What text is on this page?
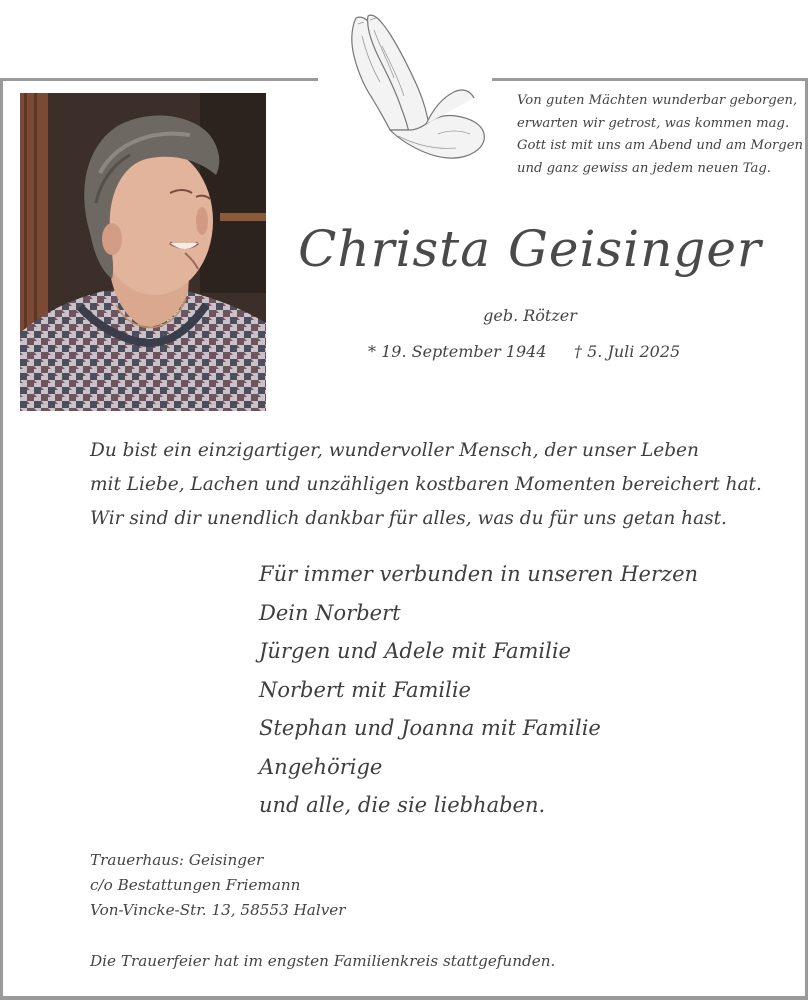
Von guten Mächten wunderbar geborgen,
erwarten wir getrost, was kommen mag.
Gott ist mit uns am Abend und am Morgen
und ganz gewiss an jedem neuen Tag.
Christa Geisinger
geb. Rötzer
* 19. September 1944 † 5. Juli 2025
Du bist ein einzigartiger, wundervoller Mensch, der unser Leben
mit Liebe, Lachen und unzähligen kostbaren Momenten bereichert hat.
Wir sind dir unendlich dankbar für alles, was du für uns getan hast.
Für immer verbunden in unseren Herzen
Dein Norbert
Jürgen und Adele mit Familie
Norbert mit Familie
Stephan und Joanna mit Familie
Angehörige
und alle, die sie liebhaben.
Trauerhaus: Geisinger
c/o Bestattungen Friemann
Von-Vincke-Str. 13, 58553 Halver
Die Trauerfeier hat im engsten Familienkreis stattgefunden.
